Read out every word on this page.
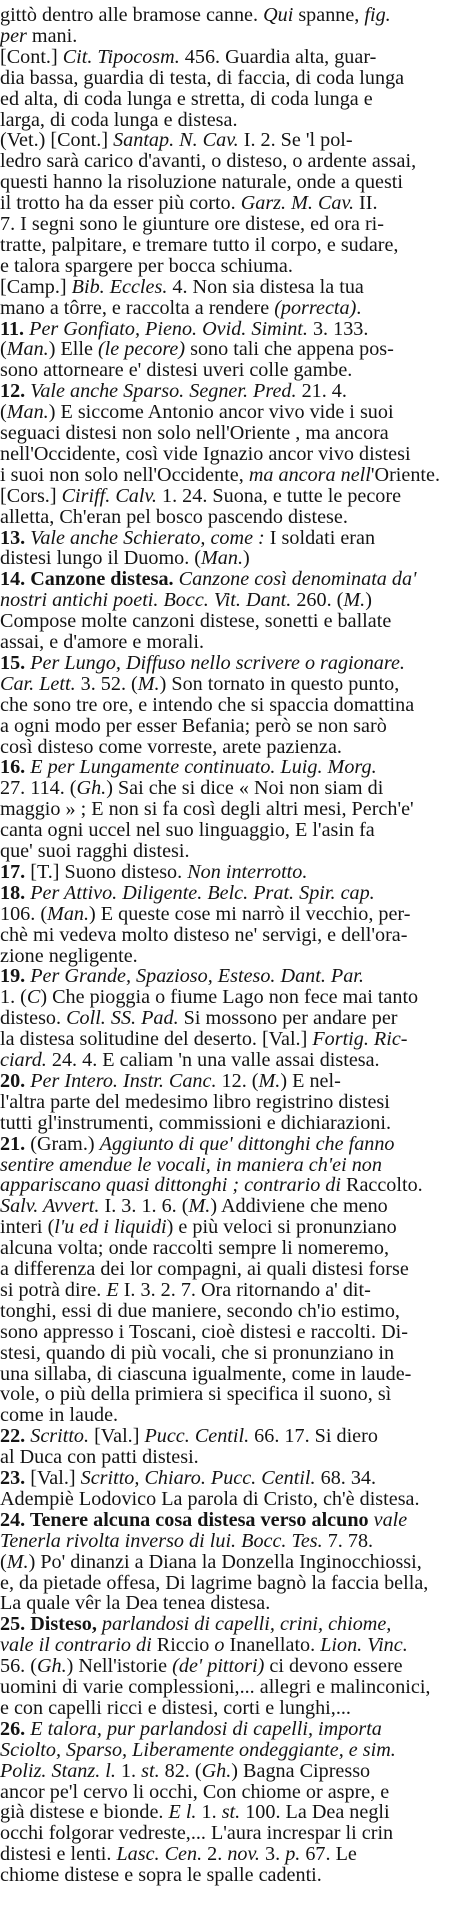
gittò dentro alle bramose canne. Qui spanne, fig.
per mani.
[Cont.] Cit. Tipocosm. 456. Guardia alta, guar-
dia bassa, guardia di testa, di faccia, di coda lunga
ed alta, di coda lunga e stretta, di coda lunga e
larga, di coda lunga e distesa.
(Vet.) [Cont.] Santap. N. Cav. I. 2. Se 'l pol-
ledro sarà carico d'avanti, o disteso, o ardente assai,
questi hanno la risoluzione naturale, onde a questi
il trotto ha da esser più corto. Garz. M. Cav. II.
7. I segni sono le giunture ore distese, ed ora ri-
tratte, palpitare, e tremare tutto il corpo, e sudare,
e talora spargere per bocca schiuma.
[Camp.] Bib. Eccles. 4. Non sia distesa la tua
mano a tôrre, e raccolta a rendere (porrecta).
11. Per Gonfiato, Pieno. Ovid. Simint. 3. 133.
(Man.) Elle (le pecore) sono tali che appena pos-
sono attorneare e' distesi uveri colle gambe.
12. Vale anche Sparso. Segner. Pred. 21. 4.
(Man.) E siccome Antonio ancor vivo vide i suoi
seguaci distesi non solo nell'Oriente , ma ancora
nell'Occidente, così vide Ignazio ancor vivo distesi
i suoi non solo nell'Occidente, ma ancora nell'Oriente.
[Cors.] Ciriff. Calv. 1. 24. Suona, e tutte le pecore
alletta, Ch'eran pel bosco pascendo distese.
13. Vale anche Schierato, come : I soldati eran
distesi lungo il Duomo. (Man.)
14. Canzone distesa. Canzone così denominata da'
nostri antichi poeti. Bocc. Vit. Dant. 260. (M.)
Compose molte canzoni distese, sonetti e ballate
assai, e d'amore e morali.
15. Per Lungo, Diffuso nello scrivere o ragionare.
Car. Lett. 3. 52. (M.) Son tornato in questo punto,
che sono tre ore, e intendo che si spaccia domattina
a ogni modo per esser Befania; però se non sarò
così disteso come vorreste, arete pazienza.
16. E per Lungamente continuato. Luig. Morg.
27. 114. (Gh.) Sai che si dice « Noi non siam di
maggio » ; E non si fa così degli altri mesi, Perch'e'
canta ogni uccel nel suo linguaggio, E l'asin fa
que' suoi ragghi distesi.
17. [T.] Suono disteso. Non interrotto.
18. Per Attivo. Diligente. Belc. Prat. Spir. cap.
106. (Man.) E queste cose mi narrò il vecchio, per-
chè mi vedeva molto disteso ne' servigi, e dell'ora-
zione negligente.
19. Per Grande, Spazioso, Esteso. Dant. Par.
1. (C) Che pioggia o fiume Lago non fece mai tanto
disteso. Coll. SS. Pad. Si mossono per andare per
la distesa solitudine del deserto. [Val.] Fortig. Ric-
ciard. 24. 4. E caliam 'n una valle assai distesa.
20. Per Intero. Instr. Canc. 12. (M.) E nel-
l'altra parte del medesimo libro registrino distesi
tutti gl'instrumenti, commissioni e dichiarazioni.
21. (Gram.) Aggiunto di que' dittonghi che fanno
sentire amendue le vocali, in maniera ch'ei non
appariscano quasi dittonghi ; contrario di Raccolto.
Salv. Avvert. I. 3. 1. 6. (M.) Addiviene che meno
interi (l'u ed i liquidi) e più veloci si pronunziano
alcuna volta; onde raccolti sempre li nomeremo,
a differenza dei lor compagni, ai quali distesi forse
si potrà dire. E I. 3. 2. 7. Ora ritornando a' dit-
tonghi, essi di due maniere, secondo ch'io estimo,
sono appresso i Toscani, cioè distesi e raccolti. Di-
stesi, quando di più vocali, che si pronunziano in
una sillaba, di ciascuna igualmente, come in laude-
vole, o più della primiera si specifica il suono, sì
come in laude.
22. Scritto. [Val.] Pucc. Centil. 66. 17. Si diero
al Duca con patti distesi.
23. [Val.] Scritto, Chiaro. Pucc. Centil. 68. 34.
Adempiè Lodovico La parola di Cristo, ch'è distesa.
24. Tenere alcuna cosa distesa verso alcuno vale
Tenerla rivolta inverso di lui. Bocc. Tes. 7. 78.
(M.) Po' dinanzi a Diana la Donzella Inginocchiossi,
e, da pietade offesa, Di lagrime bagnò la faccia bella,
La quale vêr la Dea tenea distesa.
25. Disteso, parlandosi di capelli, crini, chiome,
vale il contrario di Riccio o Inanellato. Lion. Vinc.
56. (Gh.) Nell'istorie (de' pittori) ci devono essere
uomini di varie complessioni,... allegri e malinconici,
e con capelli ricci e distesi, corti e lunghi,...
26. E talora, pur parlandosi di capelli, importa
Sciolto, Sparso, Liberamente ondeggiante, e sim.
Poliz. Stanz. l. 1. st. 82. (Gh.) Bagna Cipresso
ancor pe'l cervo li occhi, Con chiome or aspre, e
già distese e bionde. E l. 1. st. 100. La Dea negli
occhi folgorar vedreste,... L'aura increspar li crin
distesi e lenti. Lasc. Cen. 2. nov. 3. p. 67. Le
chiome distese e sopra le spalle cadenti.
